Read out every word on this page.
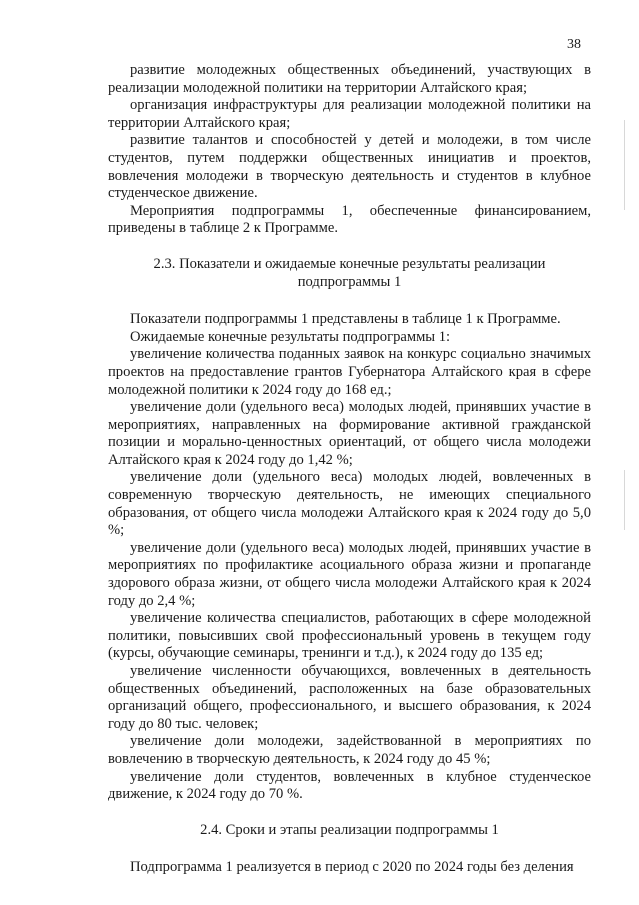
38

развитие молодежных общественных объединений, участвующих в реализации молодежной политики на территории Алтайского края;

организация инфраструктуры для реализации молодежной политики на территории Алтайского края;

развитие талантов и способностей у детей и молодежи, в том числе студентов, путем поддержки общественных инициатив и проектов, вовлечения молодежи в творческую деятельность и студентов в клубное студенческое движение.

Мероприятия подпрограммы 1, обеспеченные финансированием, приведены в таблице 2 к Программе.

2.3. Показатели и ожидаемые конечные результаты реализации подпрограммы 1

Показатели подпрограммы 1 представлены в таблице 1 к Программе.

Ожидаемые конечные результаты подпрограммы 1:

увеличение количества поданных заявок на конкурс социально значимых проектов на предоставление грантов Губернатора Алтайского края в сфере молодежной политики к 2024 году до 168 ед.;

увеличение доли (удельного веса) молодых людей, принявших участие в мероприятиях, направленных на формирование активной гражданской позиции и морально-ценностных ориентаций, от общего числа молодежи Алтайского края к 2024 году до 1,42 %;

увеличение доли (удельного веса) молодых людей, вовлеченных в современную творческую деятельность, не имеющих специального образования, от общего числа молодежи Алтайского края к 2024 году до 5,0 %;

увеличение доли (удельного веса) молодых людей, принявших участие в мероприятиях по профилактике асоциального образа жизни и пропаганде здорового образа жизни, от общего числа молодежи Алтайского края к 2024 году до 2,4 %;

увеличение количества специалистов, работающих в сфере молодежной политики, повысивших свой профессиональный уровень в текущем году (курсы, обучающие семинары, тренинги и т.д.), к 2024 году до 135 ед;

увеличение численности обучающихся, вовлеченных в деятельность общественных объединений, расположенных на базе образовательных организаций общего, профессионального, и высшего образования, к 2024 году до 80 тыс. человек;

увеличение доли молодежи, задействованной в мероприятиях по вовлечению в творческую деятельность, к 2024 году до 45 %;

увеличение доли студентов, вовлеченных в клубное студенческое движение, к 2024 году до 70 %.

2.4. Сроки и этапы реализации подпрограммы 1

Подпрограмма 1 реализуется в период с 2020 по 2024 годы без деления
